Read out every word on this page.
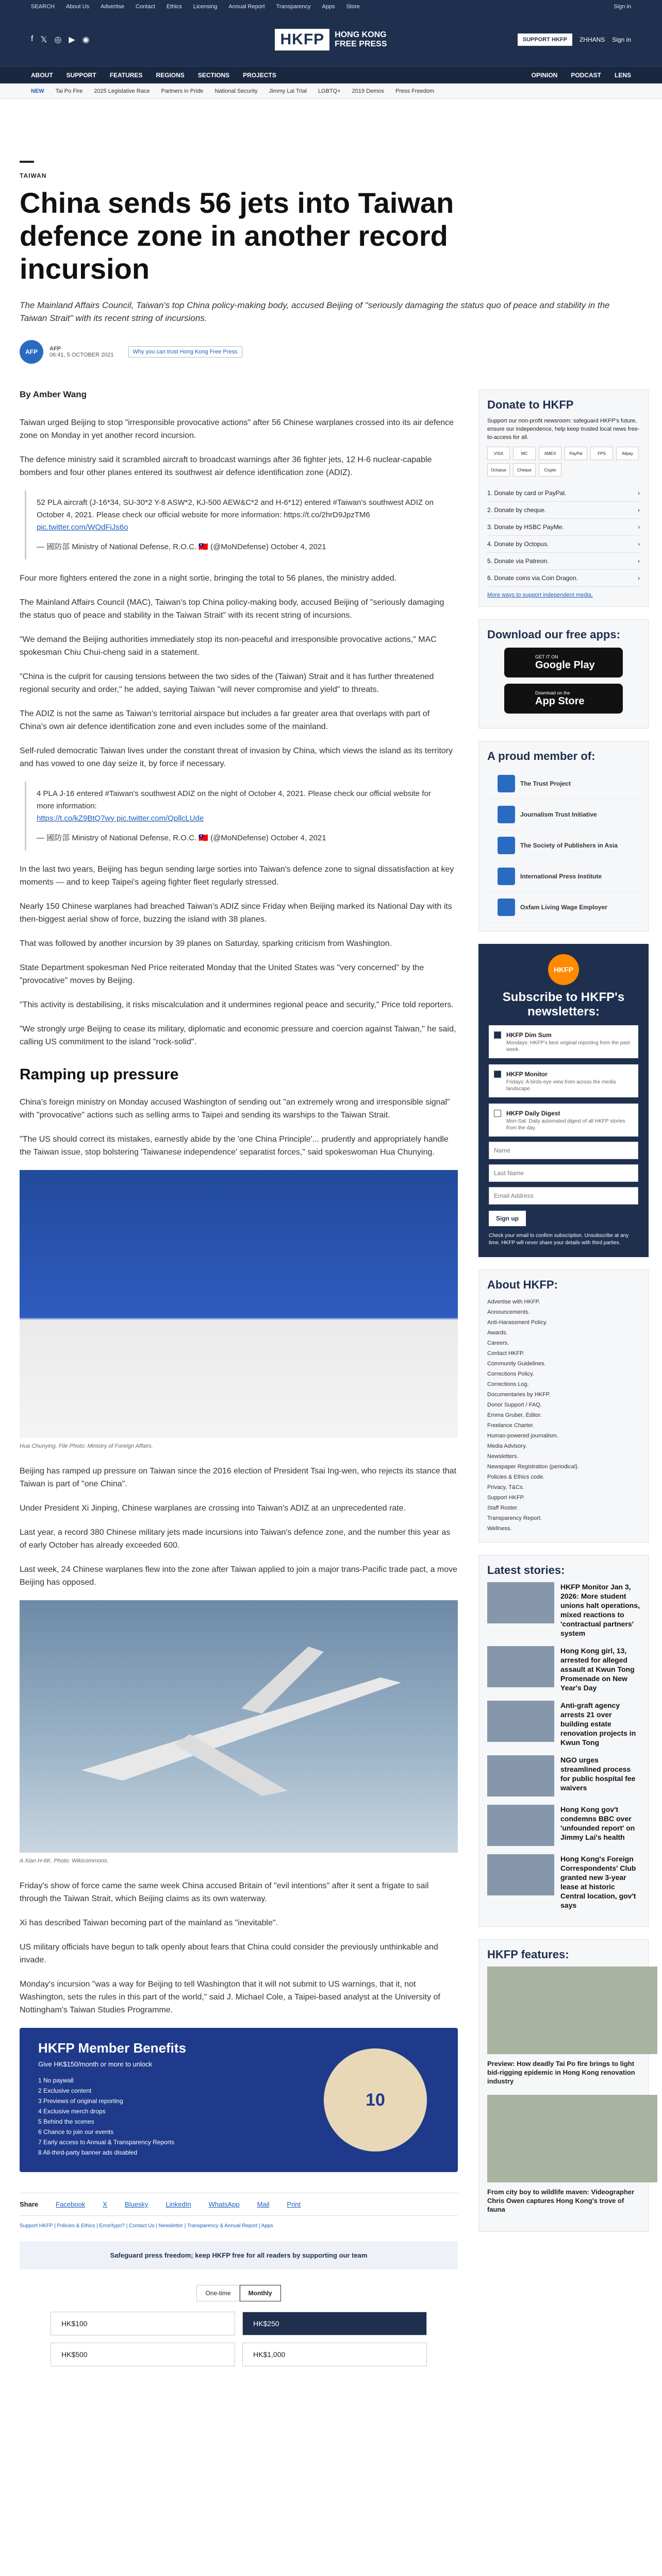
SEARCH About Us Advertise Contact Ethics Licensing Annual Report Transparency Apps Store	Sign in
f 𝕏 ◎ ▶ ◉	HKFP	HONG KONG
FREE PRESS	SUPPORT HKFP	ZHHANS Sign in
ABOUT SUPPORT FEATURES REGIONS SECTIONS PROJECTS	OPINION PODCAST LENS
NEW Tai Po Fire 2025 Legislative Race Partners in Pride National Security Jimmy Lai Trial LGBTQ+ 2019 Demos Press Freedom
TAIWAN
China sends 56 jets into Taiwan defence zone in another record incursion
The Mainland Affairs Council, Taiwan's top China policy-making body, accused Beijing of "seriously damaging the status quo of peace and stability in the Taiwan Strait" with its recent string of incursions.
AFP	AFP
06:41, 5 OCTOBER 2021	Why you can trust Hong Kong Free Press
By Amber Wang

Taiwan urged Beijing to stop "irresponsible provocative actions" after 56 Chinese warplanes crossed into its air defence zone on Monday in yet another record incursion.

The defence ministry said it scrambled aircraft to broadcast warnings after 36 fighter jets, 12 H-6 nuclear-capable bombers and four other planes entered its southwest air defence identification zone (ADIZ).

52 PLA aircraft (J-16*34, SU-30*2 Y-8 ASW*2, KJ-500 AEW&C*2 and H-6*12) entered #Taiwan's southwest ADIZ on October 4, 2021. Please check our official website for more information: https://t.co/2hrD9JpzTM6
pic.twitter.com/WOdFiJs6o
— 國防部 Ministry of National Defense, R.O.C. 🇹🇼 (@MoNDefense) October 4, 2021

Four more fighters entered the zone in a night sortie, bringing the total to 56 planes, the ministry added.

The Mainland Affairs Council (MAC), Taiwan's top China policy-making body, accused Beijing of "seriously damaging the status quo of peace and stability in the Taiwan Strait" with its recent string of incursions.

"We demand the Beijing authorities immediately stop its non-peaceful and irresponsible provocative actions," MAC spokesman Chiu Chui-cheng said in a statement.

"China is the culprit for causing tensions between the two sides of the (Taiwan) Strait and it has further threatened regional security and order," he added, saying Taiwan "will never compromise and yield" to threats.

The ADIZ is not the same as Taiwan's territorial airspace but includes a far greater area that overlaps with part of China's own air defence identification zone and even includes some of the mainland.

Self-ruled democratic Taiwan lives under the constant threat of invasion by China, which views the island as its territory and has vowed to one day seize it, by force if necessary.

4 PLA J-16 entered #Taiwan's southwest ADIZ on the night of October 4, 2021. Please check our official website for more information:
https://t.co/kZ9BtQ7wy pic.twitter.com/QpllcLUde
— 國防部 Ministry of National Defense, R.O.C. 🇹🇼 (@MoNDefense) October 4, 2021

In the last two years, Beijing has begun sending large sorties into Taiwan's defence zone to signal dissatisfaction at key moments — and to keep Taipei's ageing fighter fleet regularly stressed.

Nearly 150 Chinese warplanes had breached Taiwan's ADIZ since Friday when Beijing marked its National Day with its then-biggest aerial show of force, buzzing the island with 38 planes.

That was followed by another incursion by 39 planes on Saturday, sparking criticism from Washington.

State Department spokesman Ned Price reiterated Monday that the United States was "very concerned" by the "provocative" moves by Beijing.

"This activity is destabilising, it risks miscalculation and it undermines regional peace and security," Price told reporters.

"We strongly urge Beijing to cease its military, diplomatic and economic pressure and coercion against Taiwan," he said, calling US commitment to the island "rock-solid".

Ramping up pressure

China's foreign ministry on Monday accused Washington of sending out "an extremely wrong and irresponsible signal" with "provocative" actions such as selling arms to Taipei and sending its warships to the Taiwan Strait.

"The US should correct its mistakes, earnestly abide by the 'one China Principle'... prudently and appropriately handle the Taiwan issue, stop bolstering 'Taiwanese independence' separatist forces," said spokeswoman Hua Chunying.

Hua Chunying. File Photo: Ministry of Foreign Affairs.

Beijing has ramped up pressure on Taiwan since the 2016 election of President Tsai Ing-wen, who rejects its stance that Taiwan is part of "one China".

Under President Xi Jinping, Chinese warplanes are crossing into Taiwan's ADIZ at an unprecedented rate.

Last year, a record 380 Chinese military jets made incursions into Taiwan's defence zone, and the number this year as of early October has already exceeded 600.

Last week, 24 Chinese warplanes flew into the zone after Taiwan applied to join a major trans-Pacific trade pact, a move Beijing has opposed.

A Xian H-6K. Photo: Wikicommons.

Friday's show of force came the same week China accused Britain of "evil intentions" after it sent a frigate to sail through the Taiwan Strait, which Beijing claims as its own waterway.

Xi has described Taiwan becoming part of the mainland as "inevitable".

US military officials have begun to talk openly about fears that China could consider the previously unthinkable and invade.

Monday's incursion "was a way for Beijing to tell Washington that it will not submit to US warnings, that it, not Washington, sets the rules in this part of the world," said J. Michael Cole, a Taipei-based analyst at the University of Nottingham's Taiwan Studies Programme.

HKFP Member Benefits
Give HK$150/month or more to unlock
1 No paywall
2 Exclusive content
3 Previews of original reporting
4 Exclusive merch drops
5 Behind the scenes
6 Chance to join our events
7 Early access to Annual & Transparency Reports
8 All-third-party banner ads disabled
10
Share	Facebook	X	Bluesky	LinkedIn	WhatsApp	Mail	Print
Support HKFP | Policies & Ethics | Error/typo? | Contact Us | Newsletter | Transparency & Annual Report | Apps
Safeguard press freedom; keep HKFP free for all readers by supporting our team
One-time	Monthly
HK$100	HK$250
HK$500	HK$1,000
Donate to HKFP

Support our non-profit newsroom: safeguard HKFP's future, ensure our independence, help keep trusted local news free-to-access for all.

VISA	MC	AMEX	PayPal	FPS	Alipay
Octopus	Cheque	Crypto
1. Donate by card or PayPal.	›
2. Donate by cheque.	›
3. Donate by HSBC PayMe.	›
4. Donate by Octopus.	›
5. Donate via Patreon.	›
6. Donate coins via Coin Dragon.	›
More ways to support independent media.
Download our free apps:
GET IT ON
Google Play
Download on the
App Store
A proud member of:
The Trust Project
Journalism Trust Initiative
The Society of Publishers in Asia
International Press Institute
Oxfam Living Wage Employer
HKFP
Subscribe to HKFP's newsletters:
HKFP Dim Sum

Mondays: HKFP's best original reporting from the past week.

HKFP Monitor

Fridays: A birds-eye view from across the media landscape.

HKFP Daily Digest

Mon-Sat: Daily automated digest of all HKFP stories from the day.

Name Last Name Email Address Sign up
Check your email to confirm subscription. Unsubscribe at any time. HKFP will never share your details with third parties.
About HKFP:
Advertise with HKFP.
Announcements.
Anti-Harassment Policy.
Awards.
Careers.
Contact HKFP.
Community Guidelines.
Corrections Policy.
Corrections Log.
Documentaries by HKFP.
Donor Support / FAQ.
Emma Gruber, Editor.
Freelance Charter.
Human-powered journalism.
Media Advisory.
Newsletters.
Newspaper Registration (periodical).
Policies & Ethics code.
Privacy, T&Cs.
Support HKFP.
Staff Roster.
Transparency Report.
Wellness.
Latest stories:
HKFP Monitor Jan 3, 2026: More student unions halt operations, mixed reactions to 'contractual partners' system
Hong Kong girl, 13, arrested for alleged assault at Kwun Tong Promenade on New Year's Day
Anti-graft agency arrests 21 over building estate renovation projects in Kwun Tong
NGO urges streamlined process for public hospital fee waivers
Hong Kong gov't condemns BBC over 'unfounded report' on Jimmy Lai's health
Hong Kong's Foreign Correspondents' Club granted new 3-year lease at historic Central location, gov't says
HKFP features:
Preview: How deadly Tai Po fire brings to light bid-rigging epidemic in Hong Kong renovation industry
From city boy to wildlife maven: Videographer Chris Owen captures Hong Kong's trove of fauna
